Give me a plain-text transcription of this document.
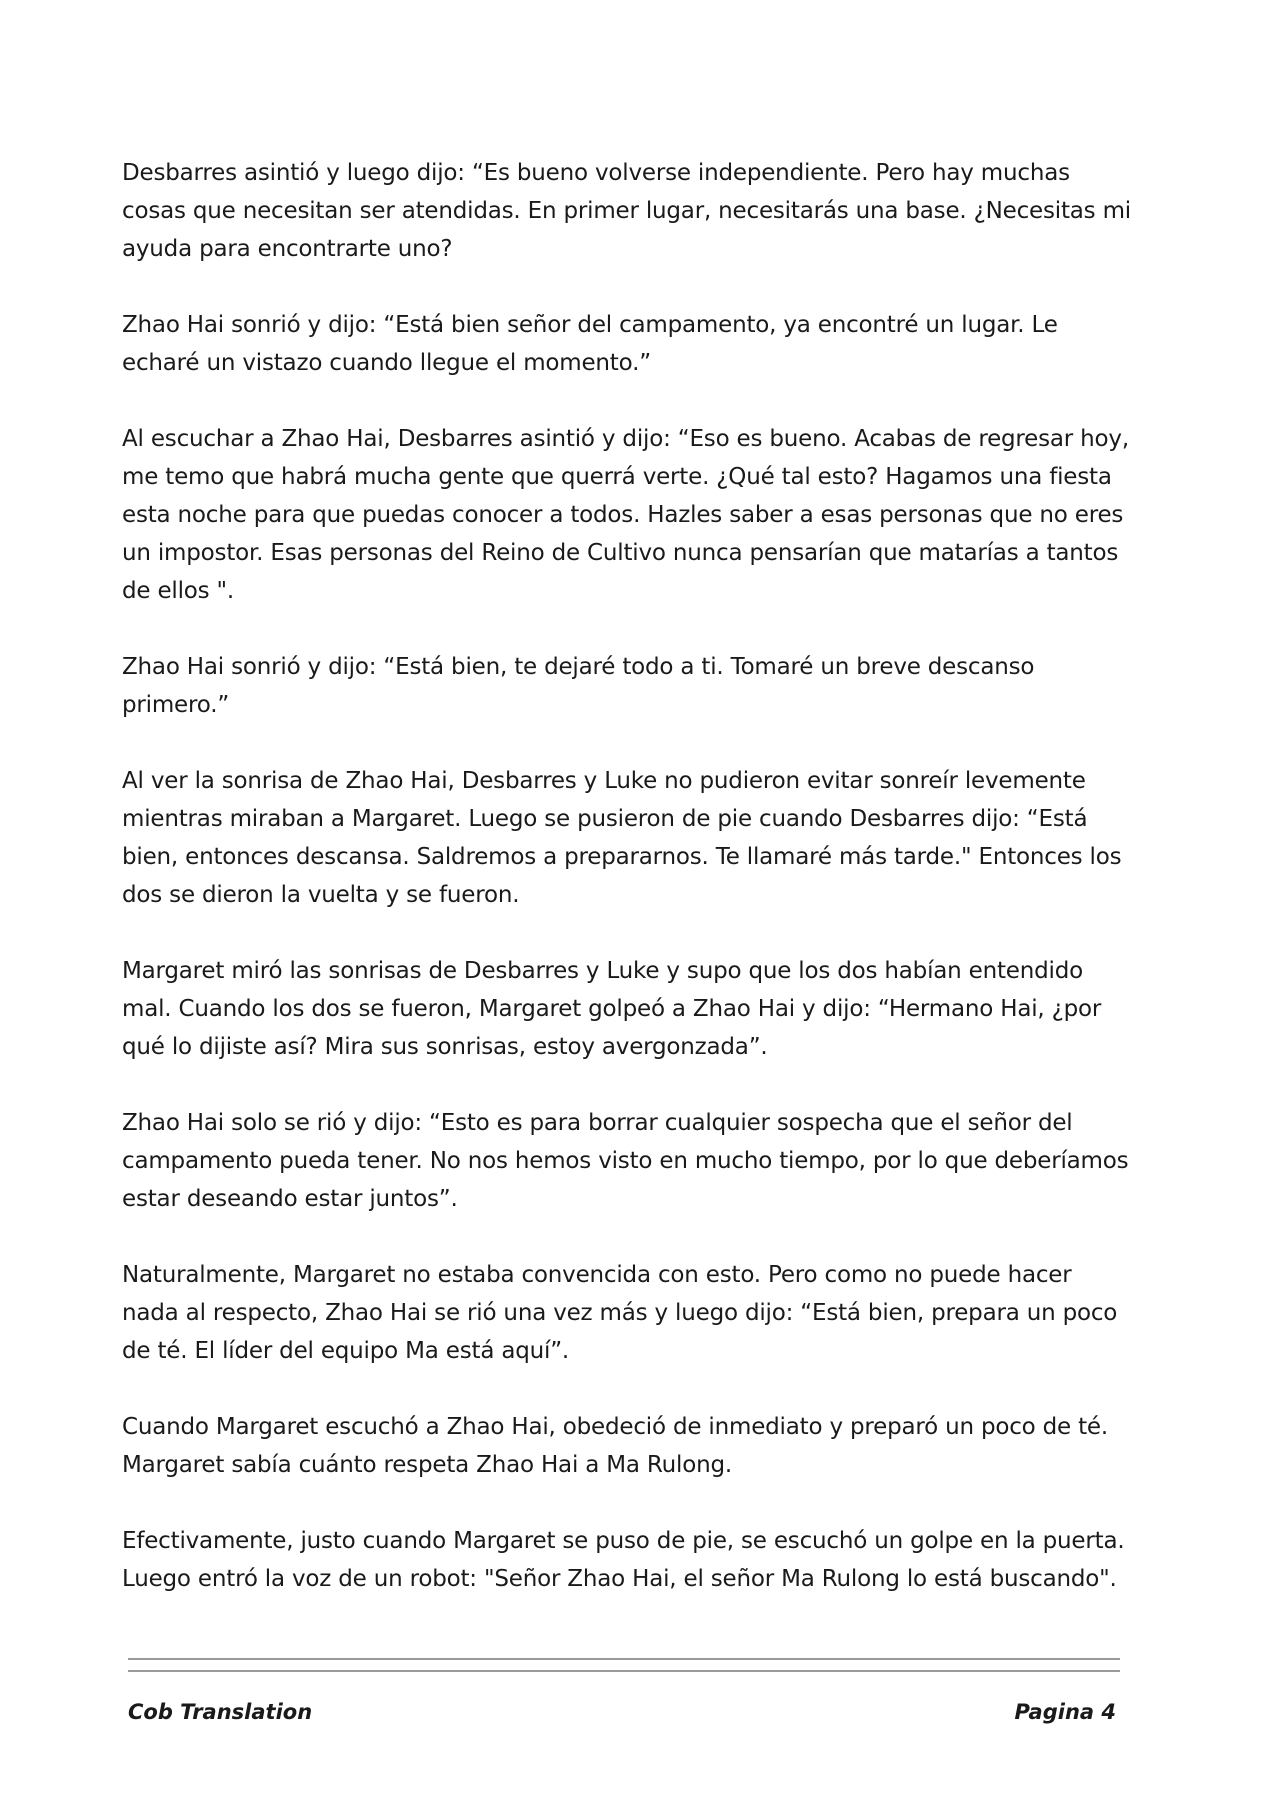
Desbarres asintió y luego dijo: “Es bueno volverse independiente. Pero hay muchas cosas que necesitan ser atendidas. En primer lugar, necesitarás una base. ¿Necesitas mi ayuda para encontrarte uno?

Zhao Hai sonrió y dijo: “Está bien señor del campamento, ya encontré un lugar. Le echaré un vistazo cuando llegue el momento.”

Al escuchar a Zhao Hai, Desbarres asintió y dijo: “Eso es bueno. Acabas de regresar hoy, me temo que habrá mucha gente que querrá verte. ¿Qué tal esto? Hagamos una fiesta esta noche para que puedas conocer a todos. Hazles saber a esas personas que no eres un impostor. Esas personas del Reino de Cultivo nunca pensarían que matarías a tantos de ellos ".

Zhao Hai sonrió y dijo: “Está bien, te dejaré todo a ti. Tomaré un breve descanso primero.”

Al ver la sonrisa de Zhao Hai, Desbarres y Luke no pudieron evitar sonreír levemente mientras miraban a Margaret. Luego se pusieron de pie cuando Desbarres dijo: “Está bien, entonces descansa. Saldremos a prepararnos. Te llamaré más tarde." Entonces los dos se dieron la vuelta y se fueron.

Margaret miró las sonrisas de Desbarres y Luke y supo que los dos habían entendido mal. Cuando los dos se fueron, Margaret golpeó a Zhao Hai y dijo: “Hermano Hai, ¿por qué lo dijiste así? Mira sus sonrisas, estoy avergonzada”.

Zhao Hai solo se rió y dijo: “Esto es para borrar cualquier sospecha que el señor del campamento pueda tener. No nos hemos visto en mucho tiempo, por lo que deberíamos estar deseando estar juntos”.

Naturalmente, Margaret no estaba convencida con esto. Pero como no puede hacer nada al respecto, Zhao Hai se rió una vez más y luego dijo: “Está bien, prepara un poco de té. El líder del equipo Ma está aquí”.

Cuando Margaret escuchó a Zhao Hai, obedeció de inmediato y preparó un poco de té. Margaret sabía cuánto respeta Zhao Hai a Ma Rulong.

Efectivamente, justo cuando Margaret se puso de pie, se escuchó un golpe en la puerta. Luego entró la voz de un robot: "Señor Zhao Hai, el señor Ma Rulong lo está buscando".

Cob Translation	Pagina 4
